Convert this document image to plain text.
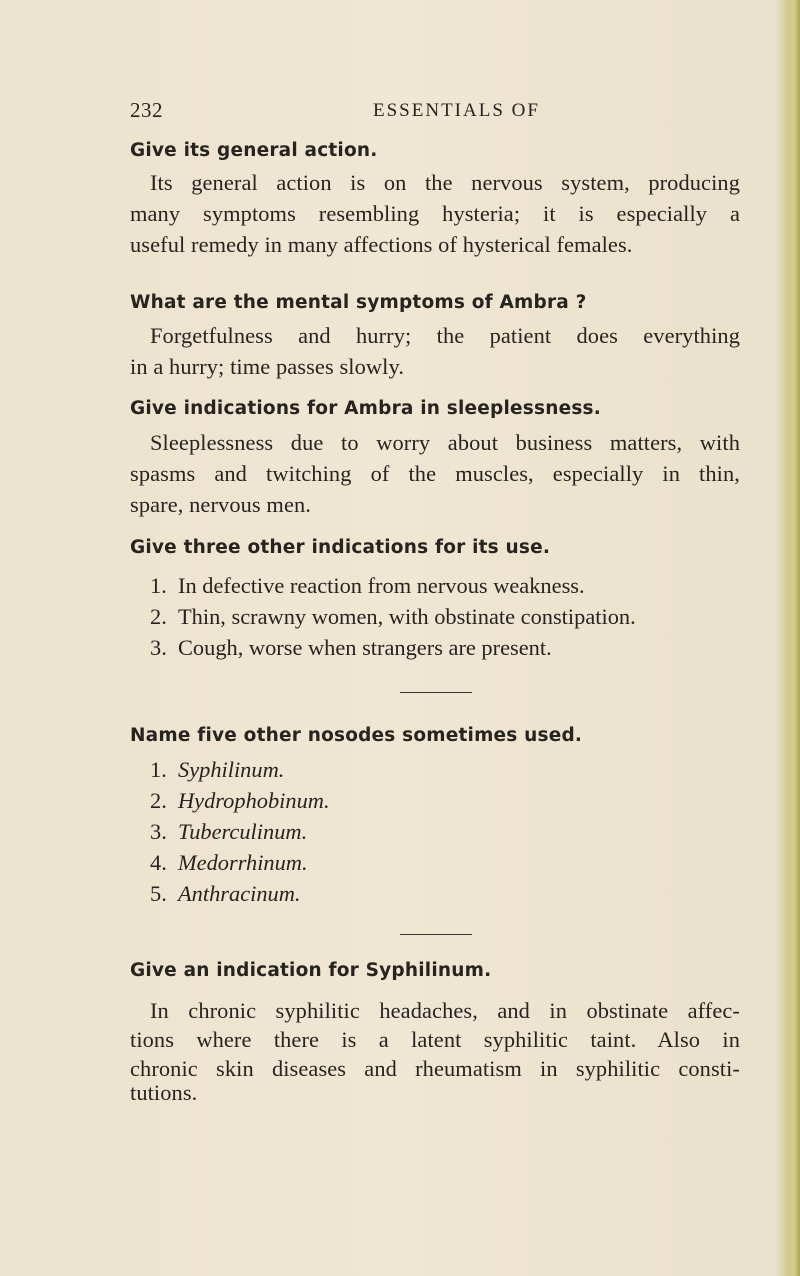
232	ESSENTIALS OF
Give its general action.
Its general action is on the nervous system, producing
many symptoms resembling hysteria; it is especially a
useful remedy in many affections of hysterical females.
What are the mental symptoms of Ambra ?
Forgetfulness and hurry; the patient does everything
in a hurry; time passes slowly.
Give indications for Ambra in sleeplessness.
Sleeplessness due to worry about business matters, with
spasms and twitching of the muscles, especially in thin,
spare, nervous men.
Give three other indications for its use.
1. In defective reaction from nervous weakness.
2. Thin, scrawny women, with obstinate constipation.
3. Cough, worse when strangers are present.
Name five other nosodes sometimes used.
1. Syphilinum.
2. Hydrophobinum.
3. Tuberculinum.
4. Medorrhinum.
5. Anthracinum.
Give an indication for Syphilinum.
In chronic syphilitic headaches, and in obstinate affec-
tions where there is a latent syphilitic taint. Also in
chronic skin diseases and rheumatism in syphilitic consti-
tutions.
